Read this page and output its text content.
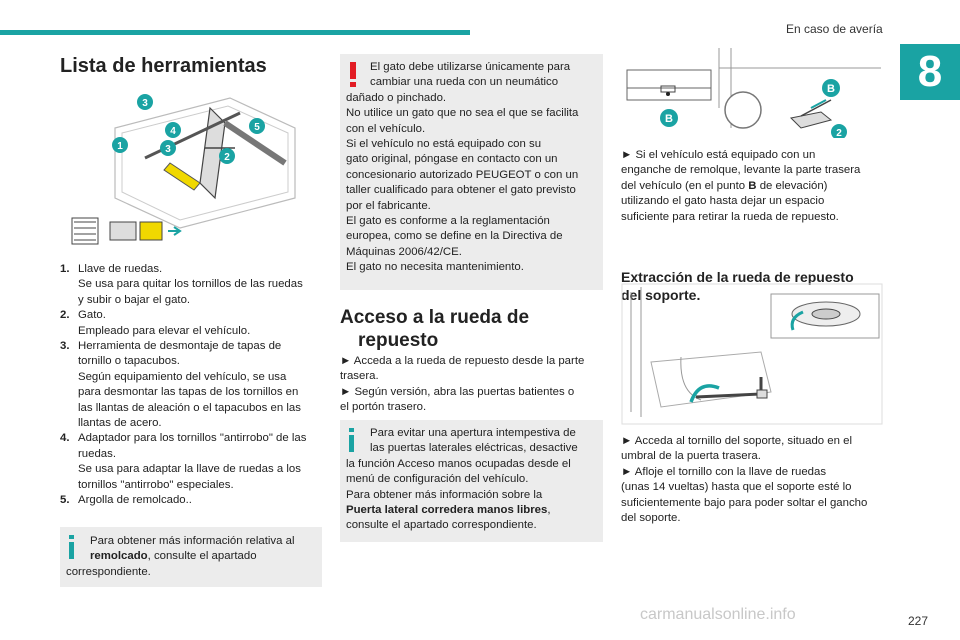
En caso de avería
8
Lista de herramientas
3
4	5
1	3
2
1. Llave de ruedas.
Se usa para quitar los tornillos de las ruedas
y subir o bajar el gato.
2. Gato.
Empleado para elevar el vehículo.
3. Herramienta de desmontaje de tapas de
tornillo o tapacubos.
Según equipamiento del vehículo, se usa
para desmontar las tapas de los tornillos en
las llantas de aleación o el tapacubos en las
llantas de acero.
4. Adaptador para los tornillos "antirrobo" de las
ruedas.
Se usa para adaptar la llave de ruedas a los
tornillos "antirrobo" especiales.
5. Argolla de remolcado..
Para obtener más información relativa al
remolcado, consulte el apartado
correspondiente.
El gato debe utilizarse únicamente para
cambiar una rueda con un neumático
dañado o pinchado.
No utilice un gato que no sea el que se facilita
con el vehículo.
Si el vehículo no está equipado con su
gato original, póngase en contacto con un
concesionario autorizado PEUGEOT o con un
taller cualificado para obtener el gato previsto
por el fabricante.
El gato es conforme a la reglamentación
europea, como se define en la Directiva de
Máquinas 2006/42/CE.
El gato no necesita mantenimiento.
Acceso a la rueda de
repuesto
► Acceda a la rueda de repuesto desde la parte
trasera.
► Según versión, abra las puertas batientes o
el portón trasero.
Para evitar una apertura intempestiva de
las puertas laterales eléctricas, desactive
la función Acceso manos ocupadas desde el
menú de configuración del vehículo.
Para obtener más información sobre la
Puerta lateral corredera manos libres,
consulte el apartado correspondiente.
B
B
2
► Si el vehículo está equipado con un
enganche de remolque, levante la parte trasera
del vehículo (en el punto B de elevación)
utilizando el gato hasta dejar un espacio
suficiente para retirar la rueda de repuesto.
Extracción de la rueda de repuesto
del soporte.
► Acceda al tornillo del soporte, situado en el
umbral de la puerta trasera.
► Afloje el tornillo con la llave de ruedas
(unas 14 vueltas) hasta que el soporte esté lo
suficientemente bajo para poder soltar el gancho
del soporte.
carmanualsonline.info	227
